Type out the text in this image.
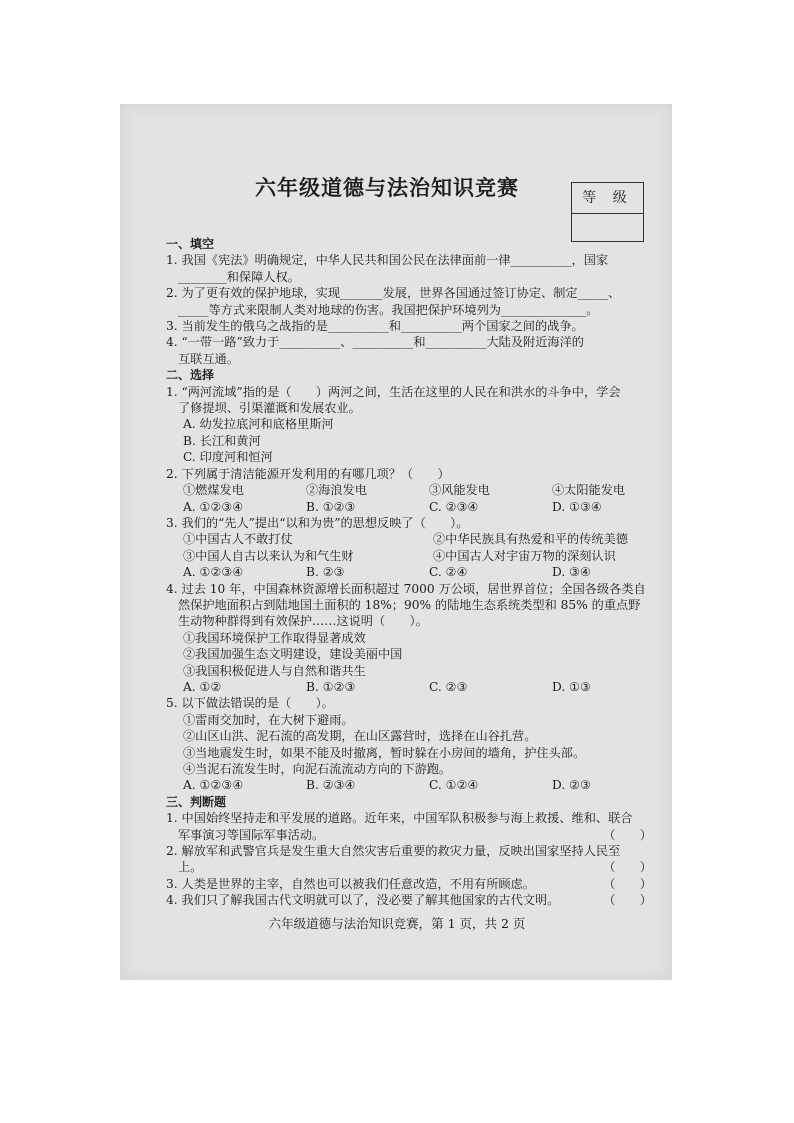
六年级道德与法治知识竞赛	等 级
一、填空
1. 我国《宪法》明确规定，中华人民共和国公民在法律面前一律__________，国家
________和保障人权。
2. 为了更有效的保护地球，实现_______发展，世界各国通过签订协定、制定_____、
_____等方式来限制人类对地球的伤害。我国把保护环境列为______________。
3. 当前发生的俄乌之战指的是__________和__________两个国家之间的战争。
4. “一带一路”致力于__________、__________和__________大陆及附近海洋的
互联互通。
二、选择
1. “两河流域”指的是（　　）两河之间，生活在这里的人民在和洪水的斗争中，学会
了修提坝、引渠灌溉和发展农业。
A. 幼发拉底河和底格里斯河
B. 长江和黄河
C. 印度河和恒河
2. 下列属于清洁能源开发利用的有哪几项？（　　）
①燃煤发电	②海浪发电	③风能发电	④太阳能发电
A. ①②③④	B. ①②③	C. ②③④	D. ①③④
3. 我们的“先人”提出“以和为贵”的思想反映了（　　）。
①中国古人不敢打仗	②中华民族具有热爱和平的传统美德
③中国人自古以来认为和气生财	④中国古人对宇宙万物的深刻认识
A. ①②③④	B. ②③	C. ②④	D. ③④
4. 过去 10 年，中国森林资源增长面积超过 7000 万公顷，居世界首位；全国各级各类自
然保护地面积占到陆地国土面积的 18%；90% 的陆地生态系统类型和 85% 的重点野
生动物种群得到有效保护……这说明（　　）。
①我国环境保护工作取得显著成效
②我国加强生态文明建设，建设美丽中国
③我国积极促进人与自然和谐共生
A. ①②	B. ①②③	C. ②③	D. ①③
5. 以下做法错误的是（　　）。
①雷雨交加时，在大树下避雨。
②山区山洪、泥石流的高发期，在山区露营时，选择在山谷扎营。
③当地震发生时，如果不能及时撤离，暂时躲在小房间的墙角，护住头部。
④当泥石流发生时，向泥石流流动方向的下游跑。
A. ①②③④	B. ②③④	C. ①②④	D. ②③
三、判断题
1. 中国始终坚持走和平发展的道路。近年来，中国军队积极参与海上救援、维和、联合
军事演习等国际军事活动。	（　　）
2. 解放军和武警官兵是发生重大自然灾害后重要的救灾力量，反映出国家坚持人民至
上。	（　　）
3. 人类是世界的主宰，自然也可以被我们任意改造，不用有所顾虑。	（　　）
4. 我们只了解我国古代文明就可以了，没必要了解其他国家的古代文明。	（　　）
六年级道德与法治知识竞赛，第 1 页，共 2 页
